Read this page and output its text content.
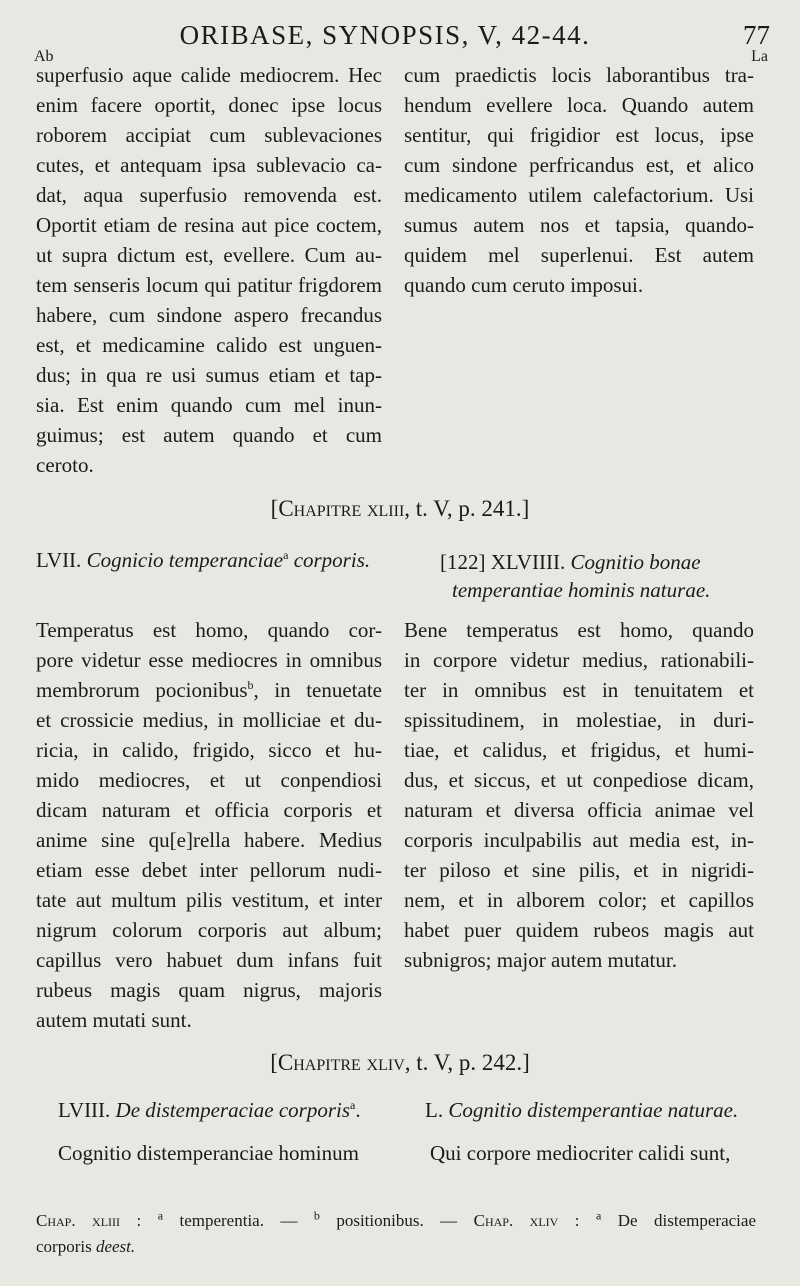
ORIBASE, SYNOPSIS, V, 42-44.	77
Ab	La
superfusio aque calide mediocrem. Hec
enim facere oportit, donec ipse locus
roborem accipiat cum sublevaciones
cutes, et antequam ipsa sublevacio ca-
dat, aqua superfusio removenda est.
Oportit etiam de resina aut pice coctem,
ut supra dictum est, evellere. Cum au-
tem senseris locum qui patitur frigdorem
habere, cum sindone aspero frecandus
est, et medicamine calido est unguen-
dus; in qua re usi sumus etiam et tap-
sia. Est enim quando cum mel inun-
guimus; est autem quando et cum
ceroto.
cum praedictis locis laborantibus tra-
hendum evellere loca. Quando autem
sentitur, qui frigidior est locus, ipse
cum sindone perfricandus est, et alico
medicamento utilem calefactorium. Usi
sumus autem nos et tapsia, quando-
quidem mel superlenui. Est autem
quando cum ceruto imposui.
[Chapitre xliii, t. V, p. 241.]
LVII. Cognicio temperanciae$^a$ corporis.	[122] XLVIIII. Cognitio bonae
temperantiae hominis naturae.
Temperatus est homo, quando cor-
pore videtur esse mediocres in omnibus
membrorum pocionibus$^b$, in tenuetate
et crossicie medius, in molliciae et du-
ricia, in calido, frigido, sicco et hu-
mido mediocres, et ut conpendiosi
dicam naturam et officia corporis et
anime sine qu[e]rella habere. Medius
etiam esse debet inter pellorum nudi-
tate aut multum pilis vestitum, et inter
nigrum colorum corporis aut album;
capillus vero habuet dum infans fuit
rubeus magis quam nigrus, majoris
autem mutati sunt.
Bene temperatus est homo, quando
in corpore videtur medius, rationabili-
ter in omnibus est in tenuitatem et
spissitudinem, in molestiae, in duri-
tiae, et calidus, et frigidus, et humi-
dus, et siccus, et ut conpediose dicam,
naturam et diversa officia animae vel
corporis inculpabilis aut media est, in-
ter piloso et sine pilis, et in nigridi-
nem, et in alborem color; et capillos
habet puer quidem rubeos magis aut
subnigros; major autem mutatur.
[Chapitre xliv, t. V, p. 242.]
LVIII. De distemperaciae corporis$^a$.	L. Cognitio distemperantiae naturae.
Cognitio distemperanciae hominum	Qui corpore mediocriter calidi sunt,
Chap. xliii : $^a$ temperentia. — $^b$ positionibus. — Chap. xliv : $^a$ De distemperaciae
corporis deest.
